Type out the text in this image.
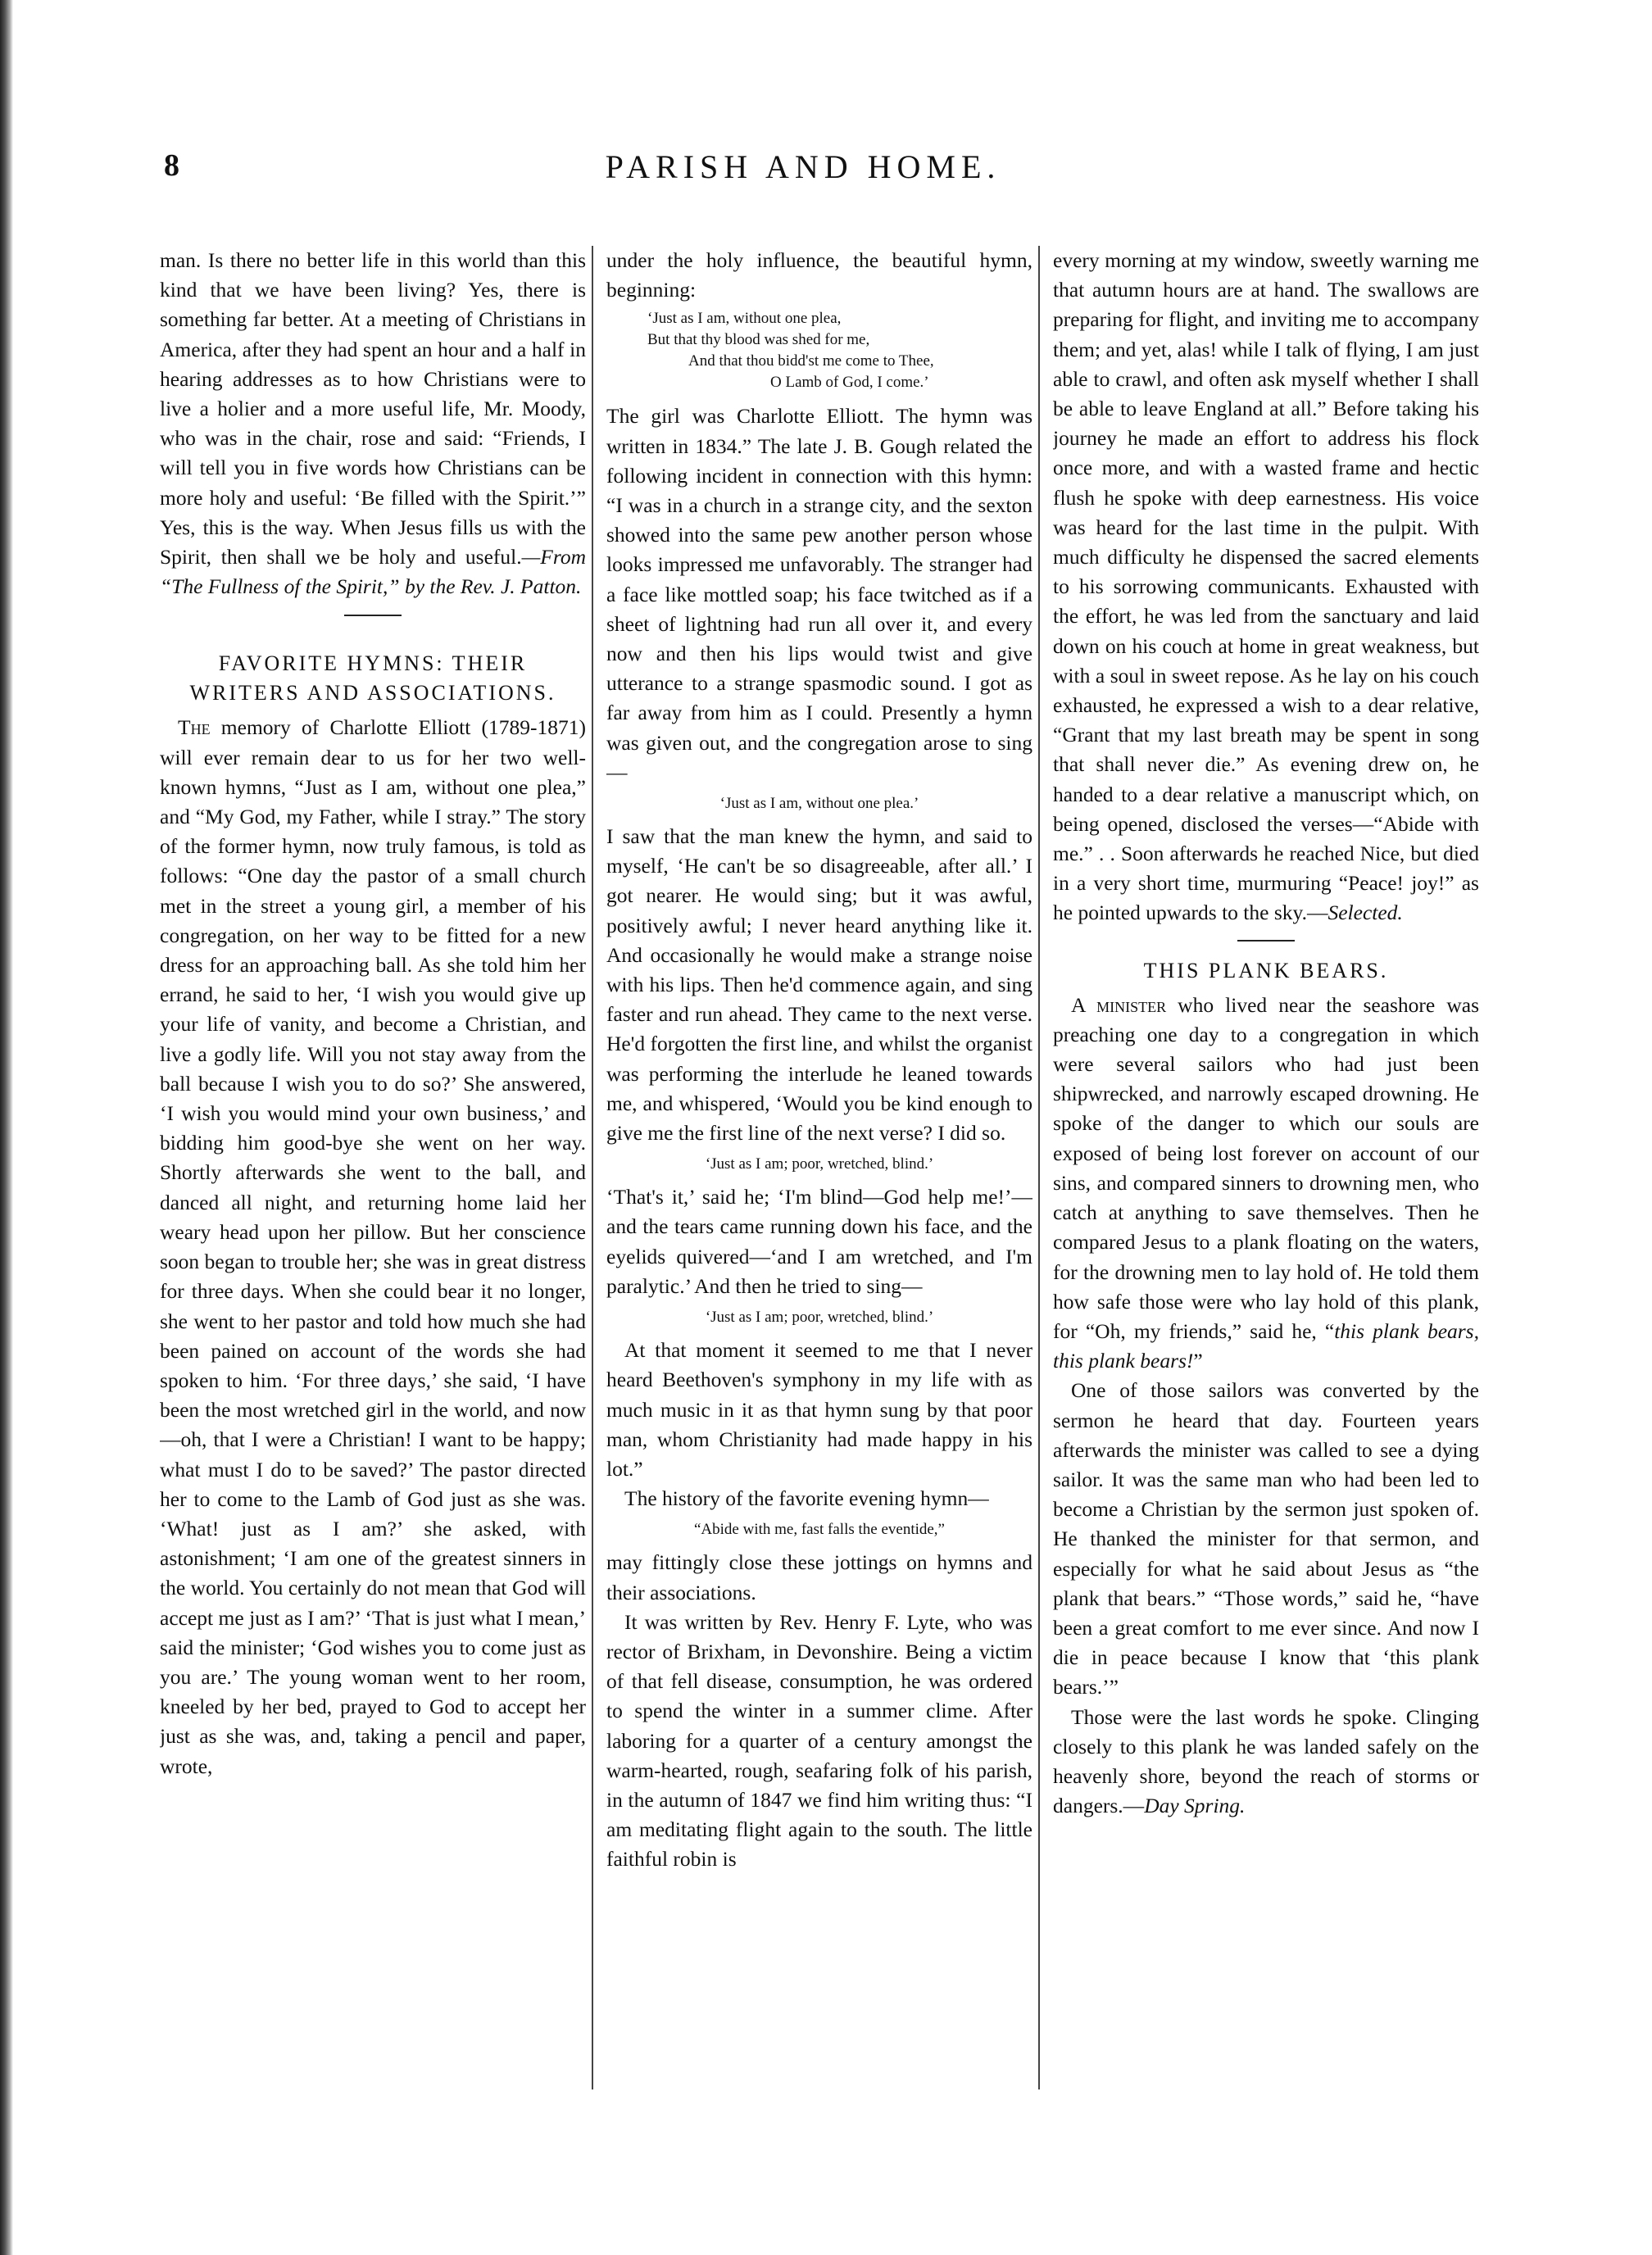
8	PARISH AND HOME.

man. Is there no better life in this world than this kind that we have been living? Yes, there is something far better. At a meeting of Christians in America, after they had spent an hour and a half in hearing addresses as to how Christians were to live a holier and a more useful life, Mr. Moody, who was in the chair, rose and said: “Friends, I will tell you in five words how Christians can be more holy and useful: ‘Be filled with the Spirit.’” Yes, this is the way. When Jesus fills us with the Spirit, then shall we be holy and useful.—From “The Fullness of the Spirit,” by the Rev. J. Patton.

FAVORITE HYMNS: THEIR WRITERS AND ASSOCIATIONS.

The memory of Charlotte Elliott (1789-1871) will ever remain dear to us for her two well-known hymns, “Just as I am, without one plea,” and “My God, my Father, while I stray.” The story of the former hymn, now truly famous, is told as follows: “One day the pastor of a small church met in the street a young girl, a member of his congregation, on her way to be fitted for a new dress for an approaching ball. As she told him her errand, he said to her, ‘I wish you would give up your life of vanity, and become a Christian, and live a godly life. Will you not stay away from the ball because I wish you to do so?’ She answered, ‘I wish you would mind your own business,’ and bidding him good-bye she went on her way. Shortly afterwards she went to the ball, and danced all night, and returning home laid her weary head upon her pillow. But her conscience soon began to trouble her; she was in great distress for three days. When she could bear it no longer, she went to her pastor and told how much she had been pained on account of the words she had spoken to him. ‘For three days,’ she said, ‘I have been the most wretched girl in the world, and now—oh, that I were a Christian! I want to be happy; what must I do to be saved?’ The pastor directed her to come to the Lamb of God just as she was. ‘What! just as I am?’ she asked, with astonishment; ‘I am one of the greatest sinners in the world. You certainly do not mean that God will accept me just as I am?’ ‘That is just what I mean,’ said the minister; ‘God wishes you to come just as you are.’ The young woman went to her room, kneeled by her bed, prayed to God to accept her just as she was, and, taking a pencil and paper, wrote,

under the holy influence, the beautiful hymn, beginning:

‘Just as I am, without one plea,
But that thy blood was shed for me,
And that thou bidd'st me come to Thee,
O Lamb of God, I come.’

The girl was Charlotte Elliott. The hymn was written in 1834.” The late J. B. Gough related the following incident in connection with this hymn: “I was in a church in a strange city, and the sexton showed into the same pew another person whose looks impressed me unfavorably. The stranger had a face like mottled soap; his face twitched as if a sheet of lightning had run all over it, and every now and then his lips would twist and give utterance to a strange spasmodic sound. I got as far away from him as I could. Presently a hymn was given out, and the congregation arose to sing—

‘Just as I am, without one plea.’

I saw that the man knew the hymn, and said to myself, ‘He can't be so disagreeable, after all.’ I got nearer. He would sing; but it was awful, positively awful; I never heard anything like it. And occasionally he would make a strange noise with his lips. Then he'd commence again, and sing faster and run ahead. They came to the next verse. He'd forgotten the first line, and whilst the organist was performing the interlude he leaned towards me, and whispered, ‘Would you be kind enough to give me the first line of the next verse? I did so.

‘Just as I am; poor, wretched, blind.’

‘That's it,’ said he; ‘I'm blind—God help me!’—and the tears came running down his face, and the eyelids quivered—‘and I am wretched, and I'm paralytic.’ And then he tried to sing—

‘Just as I am; poor, wretched, blind.’

At that moment it seemed to me that I never heard Beethoven's symphony in my life with as much music in it as that hymn sung by that poor man, whom Christianity had made happy in his lot.”

The history of the favorite evening hymn—

“Abide with me, fast falls the eventide,”

may fittingly close these jottings on hymns and their associations.

It was written by Rev. Henry F. Lyte, who was rector of Brixham, in Devonshire. Being a victim of that fell disease, consumption, he was ordered to spend the winter in a summer clime. After laboring for a quarter of a century amongst the warm-hearted, rough, seafaring folk of his parish, in the autumn of 1847 we find him writing thus: “I am meditating flight again to the south. The little faithful robin is

every morning at my window, sweetly warning me that autumn hours are at hand. The swallows are preparing for flight, and inviting me to accompany them; and yet, alas! while I talk of flying, I am just able to crawl, and often ask myself whether I shall be able to leave England at all.” Before taking his journey he made an effort to address his flock once more, and with a wasted frame and hectic flush he spoke with deep earnestness. His voice was heard for the last time in the pulpit. With much difficulty he dispensed the sacred elements to his sorrowing communicants. Exhausted with the effort, he was led from the sanctuary and laid down on his couch at home in great weakness, but with a soul in sweet repose. As he lay on his couch exhausted, he expressed a wish to a dear relative, “Grant that my last breath may be spent in song that shall never die.” As evening drew on, he handed to a dear relative a manuscript which, on being opened, disclosed the verses—“Abide with me.” . . Soon afterwards he reached Nice, but died in a very short time, murmuring “Peace! joy!” as he pointed upwards to the sky.—Selected.

THIS PLANK BEARS.

A minister who lived near the seashore was preaching one day to a congregation in which were several sailors who had just been shipwrecked, and narrowly escaped drowning. He spoke of the danger to which our souls are exposed of being lost forever on account of our sins, and compared sinners to drowning men, who catch at anything to save themselves. Then he compared Jesus to a plank floating on the waters, for the drowning men to lay hold of. He told them how safe those were who lay hold of this plank, for “Oh, my friends,” said he, “this plank bears, this plank bears!”

One of those sailors was converted by the sermon he heard that day. Fourteen years afterwards the minister was called to see a dying sailor. It was the same man who had been led to become a Christian by the sermon just spoken of. He thanked the minister for that sermon, and especially for what he said about Jesus as “the plank that bears.” “Those words,” said he, “have been a great comfort to me ever since. And now I die in peace because I know that ‘this plank bears.’”

Those were the last words he spoke. Clinging closely to this plank he was landed safely on the heavenly shore, beyond the reach of storms or dangers.—Day Spring.
